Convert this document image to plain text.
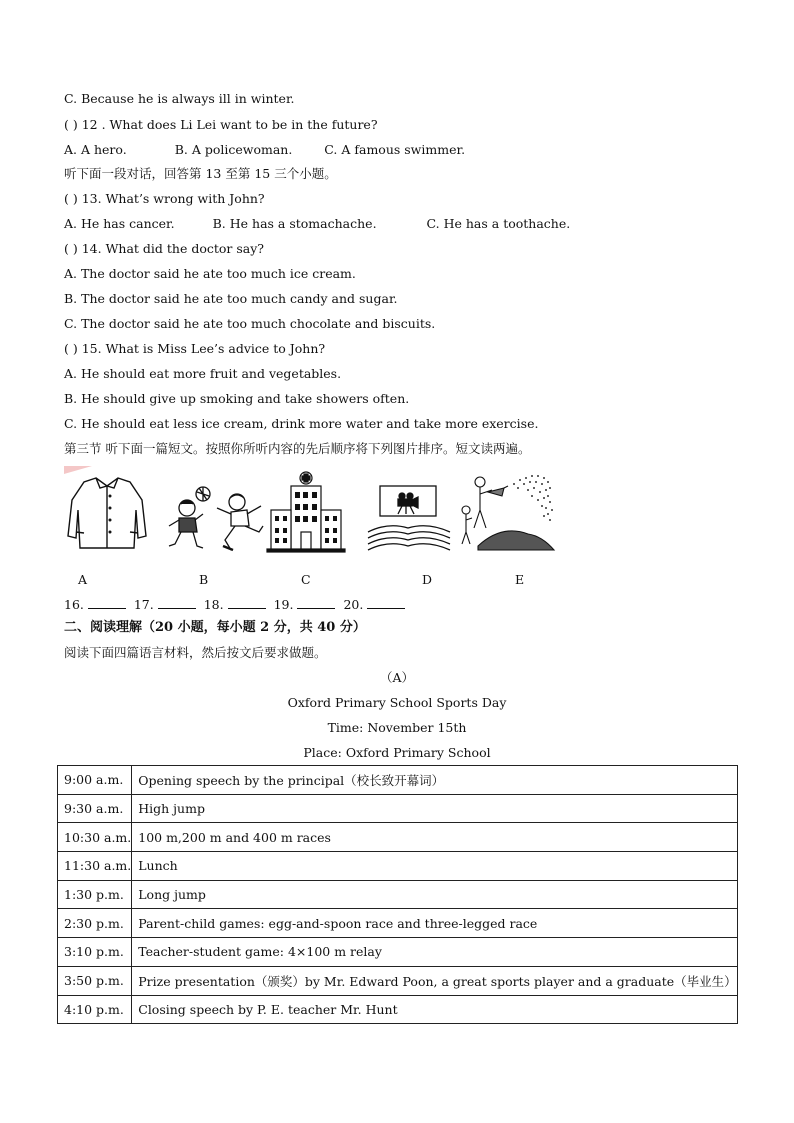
C. Because he is always ill in winter.
( ) 12 . What does Li Lei want to be in the future?
A. A hero.	B. A policewoman.	C. A famous swimmer.
听下面一段对话，回答第 13 至第 15 三个小题。
( ) 13. What’s wrong with John?
A. He has cancer.	B. He has a stomachache.	C. He has a toothache.
( ) 14. What did the doctor say?
A. The doctor said he ate too much ice cream.
B. The doctor said he ate too much candy and sugar.
C. The doctor said he ate too much chocolate and biscuits.
( ) 15. What is Miss Lee’s advice to John?
A. He should eat more fruit and vegetables.
B. He should give up smoking and take showers often.
C. He should eat less ice cream, drink more water and take more exercise.
第三节 听下面一篇短文。按照你所听内容的先后顺序将下列图片排序。短文读两遍。
A	B	C	D	E
16.	17.	18.	19.	20.
二、阅读理解（20 小题，每小题 2 分，共 40 分）
阅读下面四篇语言材料，然后按文后要求做题。
（A）
Oxford Primary School Sports Day
Time: November 15th
Place: Oxford Primary School
9:00 a.m.	Opening speech by the principal（校长致开幕词）
9:30 a.m.	High jump
10:30 a.m.	100 m,200 m and 400 m races
11:30 a.m.	Lunch
1:30 p.m.	Long jump
2:30 p.m.	Parent-child games: egg-and-spoon race and three-legged race
3:10 p.m.	Teacher-student game: 4×100 m relay
3:50 p.m.	Prize presentation（颁奖）by Mr. Edward Poon, a great sports player and a graduate（毕业生）
4:10 p.m.	Closing speech by P. E. teacher Mr. Hunt
